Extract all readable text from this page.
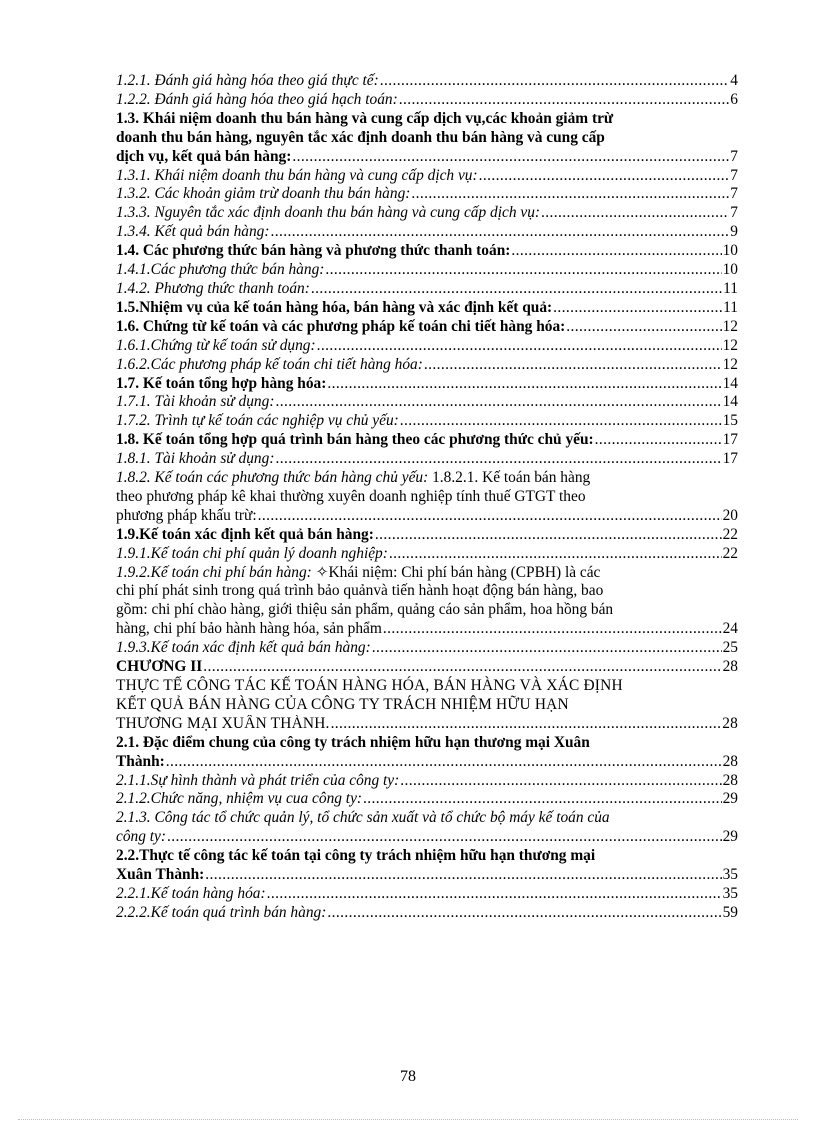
1.2.1. Đánh giá hàng hóa theo giá thực tế: .....	4
1.2.2. Đánh giá hàng hóa theo giá hạch toán: .....	6
1.3. Khái niệm doanh thu bán hàng và cung cấp dịch vụ,các khoản giảm trừ
doanh thu bán hàng, nguyên tắc xác định doanh thu bán hàng và cung cấp
dịch vụ, kết quả bán hàng: .....	7
1.3.1. Khái niệm doanh thu bán hàng và cung cấp dịch vụ: .....	7
1.3.2. Các khoản giảm trừ doanh thu bán hàng: .....	7
1.3.3. Nguyên tắc xác định doanh thu bán hàng và cung cấp dịch vụ: .....	7
1.3.4. Kết quả bán hàng: .....	9
1.4. Các phương thức bán hàng và phương thức thanh toán: .....	10
1.4.1.Các phương thức bán hàng: .....	10
1.4.2. Phương thức thanh toán: .....	11
1.5.Nhiệm vụ của kế toán hàng hóa, bán hàng và xác định kết quả: .....	11
1.6. Chứng từ kế toán và các phương pháp kế toán chi tiết hàng hóa: .....	12
1.6.1.Chứng từ kế toán sử dụng: .....	12
1.6.2.Các phương pháp kế toán chi tiết hàng hóa: .....	12
1.7. Kế toán tổng hợp hàng hóa: .....	14
1.7.1. Tài khoản sử dụng: .....	14
1.7.2. Trình tự kế toán các nghiệp vụ chủ yếu: .....	15
1.8. Kế toán tổng hợp quá trình bán hàng theo các phương thức chủ yếu: .....	17
1.8.1. Tài khoản sử dụng: .....	17
1.8.2. Kế toán các phương thức bán hàng chủ yếu: 1.8.2.1. Kế toán bán hàng
theo phương pháp kê khai thường xuyên doanh nghiệp tính thuế GTGT theo
phương pháp khấu trừ: .....	20
1.9.Kế toán xác định kết quả bán hàng: .....	22
1.9.1.Kế toán chi phí quản lý doanh nghiệp: .....	22
1.9.2.Kế toán chi phí bán hàng: ✧Khái niệm: Chi phí bán hàng (CPBH) là các
chi phí phát sinh trong quá trình bảo quảnvà tiến hành hoạt động bán hàng, bao
gồm: chi phí chào hàng, giới thiệu sản phẩm, quảng cáo sản phẩm, hoa hồng bán
hàng, chi phí bảo hành hàng hóa, sản phẩm .....	24
1.9.3.Kế toán xác định kết quả bán hàng: .....	25
CHƯƠNG II .....	28
THỰC TẾ CÔNG TÁC KẾ TOÁN HÀNG HÓA, BÁN HÀNG VÀ XÁC ĐỊNH
KẾT QUẢ BÁN HÀNG CỦA CÔNG TY TRÁCH NHIỆM HỮU HẠN
THƯƠNG MẠI XUÂN THÀNH. .....	28
2.1. Đặc điểm chung của công ty trách nhiệm hữu hạn thương mại Xuân
Thành: .....	28
2.1.1.Sự hình thành và phát triển của công ty: .....	28
2.1.2.Chức năng, nhiệm vụ cua công ty: .....	29
2.1.3. Công tác tổ chức quản lý, tổ chức sản xuất và tổ chức bộ máy kế toán của
công ty: .....	29
2.2.Thực tế công tác kế toán tại công ty trách nhiệm hữu hạn thương mại
Xuân Thành: .....	35
2.2.1.Kế toán hàng hóa: .....	35
2.2.2.Kế toán quá trình bán hàng: .....	59
78
